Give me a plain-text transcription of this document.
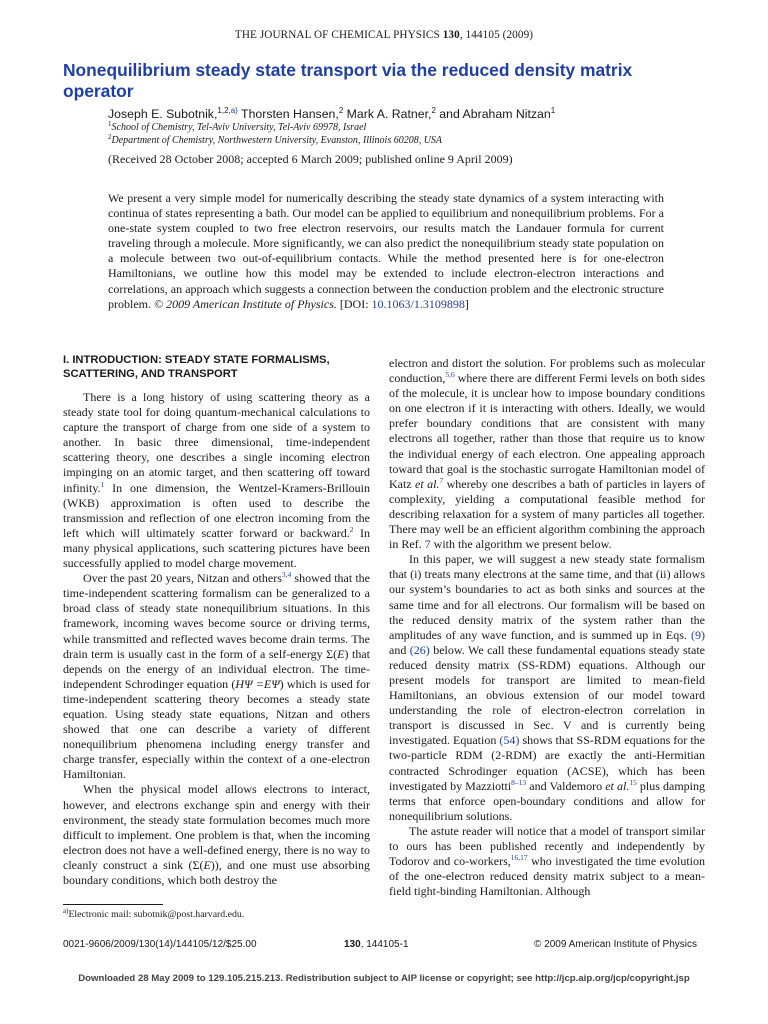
THE JOURNAL OF CHEMICAL PHYSICS 130, 144105 (2009)
Nonequilibrium steady state transport via the reduced density matrix operator
Joseph E. Subotnik,$^{1,2,a)}$ Thorsten Hansen,$^2$ Mark A. Ratner,$^2$ and Abraham Nitzan$^1$
$^1$School of Chemistry, Tel-Aviv University, Tel-Aviv 69978, Israel
$^2$Department of Chemistry, Northwestern University, Evanston, Illinois 60208, USA
(Received 28 October 2008; accepted 6 March 2009; published online 9 April 2009)
We present a very simple model for numerically describing the steady state dynamics of a system interacting with continua of states representing a bath. Our model can be applied to equilibrium and nonequilibrium problems. For a one-state system coupled to two free electron reservoirs, our results match the Landauer formula for current traveling through a molecule. More significantly, we can also predict the nonequilibrium steady state population on a molecule between two out-of-equilibrium contacts. While the method presented here is for one-electron Hamiltonians, we outline how this model may be extended to include electron-electron interactions and correlations, an approach which suggests a connection between the conduction problem and the electronic structure problem. © 2009 American Institute of Physics. [DOI: 10.1063/1.3109898]
I. INTRODUCTION: STEADY STATE FORMALISMS, SCATTERING, AND TRANSPORT

There is a long history of using scattering theory as a steady state tool for doing quantum-mechanical calculations to capture the transport of charge from one side of a system to another. In basic three dimensional, time-independent scattering theory, one describes a single incoming electron impinging on an atomic target, and then scattering off toward infinity.$^1$ In one dimension, the Wentzel-Kramers-Brillouin (WKB) approximation is often used to describe the transmission and reflection of one electron incoming from the left which will ultimately scatter forward or backward.$^2$ In many physical applications, such scattering pictures have been successfully applied to model charge movement.

Over the past 20 years, Nitzan and others$^{3,4}$ showed that the time-independent scattering formalism can be generalized to a broad class of steady state nonequilibrium situations. In this framework, incoming waves become source or driving terms, while transmitted and reflected waves become drain terms. The drain term is usually cast in the form of a self-energy Σ(E) that depends on the energy of an individual electron. The time-independent Schrodinger equation (HΨ =EΨ) which is used for time-independent scattering theory becomes a steady state equation. Using steady state equations, Nitzan and others showed that one can describe a variety of different nonequilibrium phenomena including energy transfer and charge transfer, especially within the context of a one-electron Hamiltonian.

When the physical model allows electrons to interact, however, and electrons exchange spin and energy with their environment, the steady state formulation becomes much more difficult to implement. One problem is that, when the incoming electron does not have a well-defined energy, there is no way to cleanly construct a sink (Σ(E)), and one must use absorbing boundary conditions, which both destroy the

electron and distort the solution. For problems such as molecular conduction,$^{5,6}$ where there are different Fermi levels on both sides of the molecule, it is unclear how to impose boundary conditions on one electron if it is interacting with others. Ideally, we would prefer boundary conditions that are consistent with many electrons all together, rather than those that require us to know the individual energy of each electron. One appealing approach toward that goal is the stochastic surrogate Hamiltonian model of Katz et al.$^7$ whereby one describes a bath of particles in layers of complexity, yielding a computational feasible method for describing relaxation for a system of many particles all together. There may well be an efficient algorithm combining the approach in Ref. 7 with the algorithm we present below.

In this paper, we will suggest a new steady state formalism that (i) treats many electrons at the same time, and that (ii) allows our system’s boundaries to act as both sinks and sources at the same time and for all electrons. Our formalism will be based on the reduced density matrix of the system rather than the amplitudes of any wave function, and is summed up in Eqs. (9) and (26) below. We call these fundamental equations steady state reduced density matrix (SS-RDM) equations. Although our present models for transport are limited to mean-field Hamiltonians, an obvious extension of our model toward understanding the role of electron-electron correlation in transport is discussed in Sec. V and is currently being investigated. Equation (54) shows that SS-RDM equations for the two-particle RDM (2-RDM) are exactly the anti-Hermitian contracted Schrodinger equation (ACSE), which has been investigated by Mazziotti$^{8-13}$ and Valdemoro et al.$^{15}$ plus damping terms that enforce open-boundary conditions and allow for nonequilibrium solutions.

The astute reader will notice that a model of transport similar to ours has been published recently and independently by Todorov and co-workers,$^{16,17}$ who investigated the time evolution of the one-electron reduced density matrix subject to a mean-field tight-binding Hamiltonian. Although

$^{a)}$Electronic mail: subotnik@post.harvard.edu.
0021-9606/2009/130(14)/144105/12/$25.00	130, 144105-1	© 2009 American Institute of Physics
Downloaded 28 May 2009 to 129.105.215.213. Redistribution subject to AIP license or copyright; see http://jcp.aip.org/jcp/copyright.jsp
